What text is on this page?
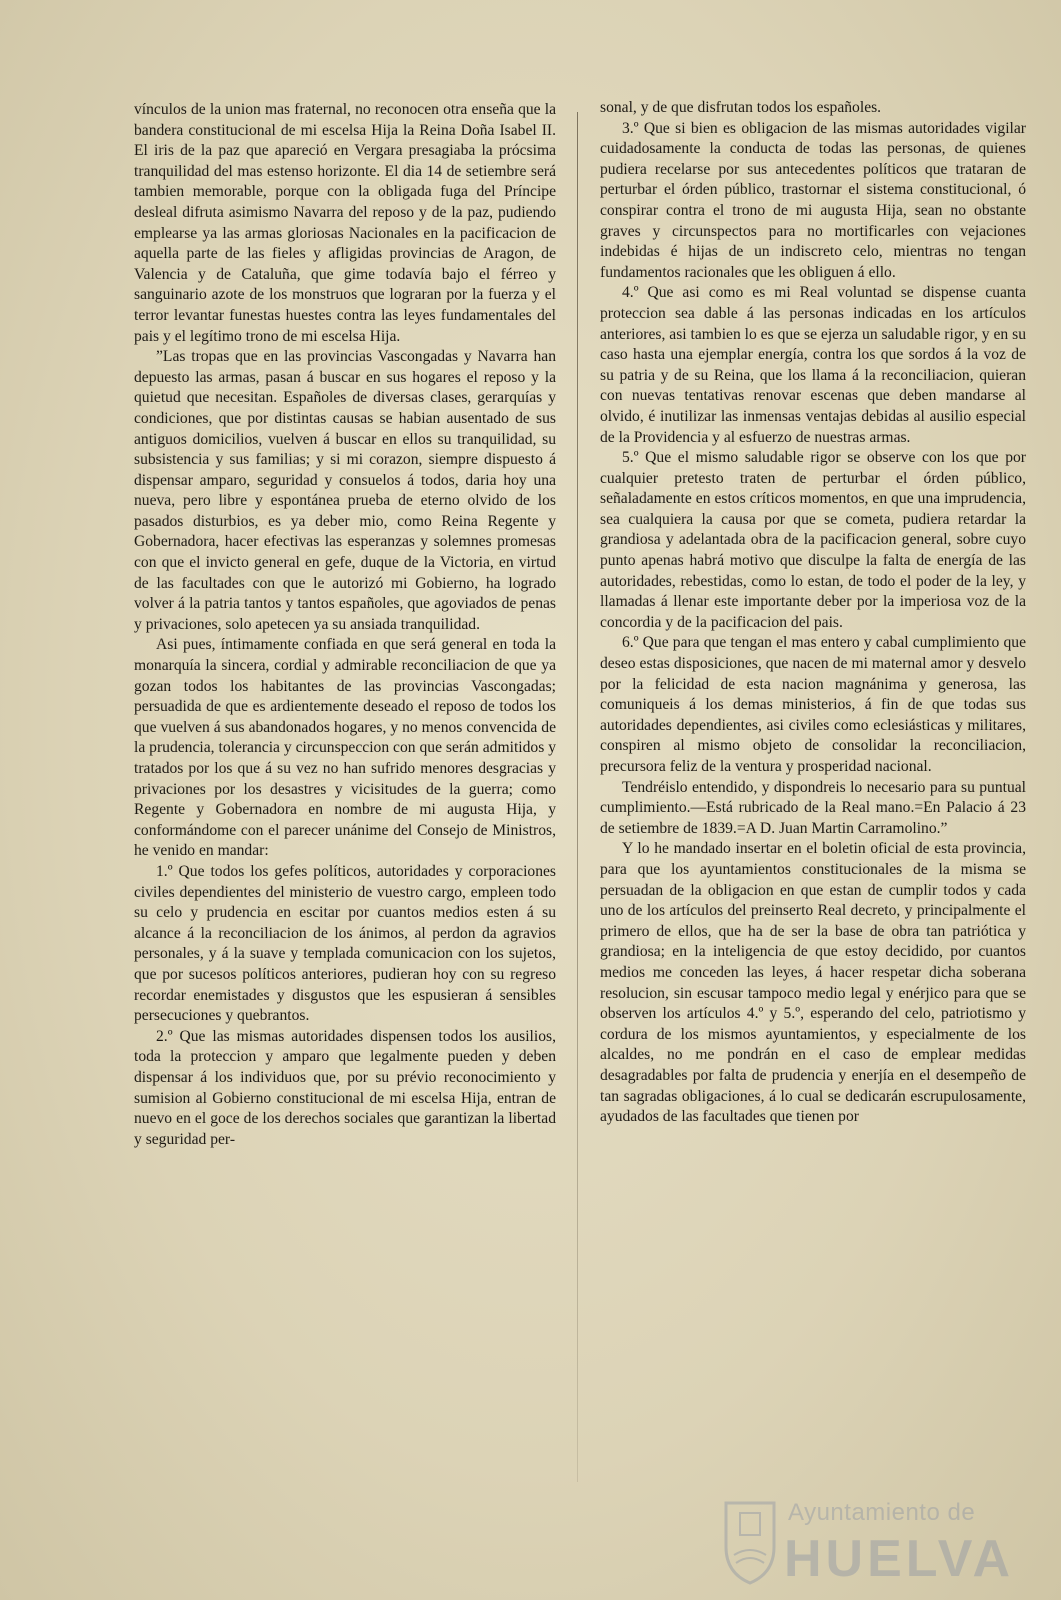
vínculos de la union mas fraternal, no reconocen otra enseña que la bandera constitucional de mi escelsa Hija la Reina Doña Isabel II. El iris de la paz que apareció en Vergara presagiaba la prócsima tranquilidad del mas estenso horizonte. El dia 14 de setiembre será tambien memorable, porque con la obligada fuga del Príncipe desleal difruta asimismo Navarra del reposo y de la paz, pudiendo emplearse ya las armas gloriosas Nacionales en la pacificacion de aquella parte de las fieles y afligidas provincias de Aragon, de Valencia y de Cataluña, que gime todavía bajo el férreo y sanguinario azote de los monstruos que lograran por la fuerza y el terror levantar funestas huestes contra las leyes fundamentales del pais y el legítimo trono de mi escelsa Hija.

”Las tropas que en las provincias Vascongadas y Navarra han depuesto las armas, pasan á buscar en sus hogares el reposo y la quietud que necesitan. Españoles de diversas clases, gerarquías y condiciones, que por distintas causas se habian ausentado de sus antiguos domicilios, vuelven á buscar en ellos su tranquilidad, su subsistencia y sus familias; y si mi corazon, siempre dispuesto á dispensar amparo, seguridad y consuelos á todos, daria hoy una nueva, pero libre y espontánea prueba de eterno olvido de los pasados disturbios, es ya deber mio, como Reina Regente y Gobernadora, hacer efectivas las esperanzas y solemnes promesas con que el invicto general en gefe, duque de la Victoria, en virtud de las facultades con que le autorizó mi Gobierno, ha logrado volver á la patria tantos y tantos españoles, que agoviados de penas y privaciones, solo apetecen ya su ansiada tranquilidad.

Asi pues, íntimamente confiada en que será general en toda la monarquía la sincera, cordial y admirable reconciliacion de que ya gozan todos los habitantes de las provincias Vascongadas; persuadida de que es ardientemente deseado el reposo de todos los que vuelven á sus abandonados hogares, y no menos convencida de la prudencia, tolerancia y circunspeccion con que serán admitidos y tratados por los que á su vez no han sufrido menores desgracias y privaciones por los desastres y vicisitudes de la guerra; como Regente y Gobernadora en nombre de mi augusta Hija, y conformándome con el parecer unánime del Consejo de Ministros, he venido en mandar:

1.º Que todos los gefes políticos, autoridades y corporaciones civiles dependientes del ministerio de vuestro cargo, empleen todo su celo y prudencia en escitar por cuantos medios esten á su alcance á la reconciliacion de los ánimos, al perdon da agravios personales, y á la suave y templada comunicacion con los sujetos, que por sucesos políticos anteriores, pudieran hoy con su regreso recordar enemistades y disgustos que les espusieran á sensibles persecuciones y quebrantos.

2.º Que las mismas autoridades dispensen todos los ausilios, toda la proteccion y amparo que legalmente pueden y deben dispensar á los individuos que, por su prévio reconocimiento y sumision al Gobierno constitucional de mi escelsa Hija, entran de nuevo en el goce de los derechos sociales que garantizan la libertad y seguridad per-

sonal, y de que disfrutan todos los españoles.

3.º Que si bien es obligacion de las mismas autoridades vigilar cuidadosamente la conducta de todas las personas, de quienes pudiera recelarse por sus antecedentes políticos que trataran de perturbar el órden público, trastornar el sistema constitucional, ó conspirar contra el trono de mi augusta Hija, sean no obstante graves y circunspectos para no mortificarles con vejaciones indebidas é hijas de un indiscreto celo, mientras no tengan fundamentos racionales que les obliguen á ello.

4.º Que asi como es mi Real voluntad se dispense cuanta proteccion sea dable á las personas indicadas en los artículos anteriores, asi tambien lo es que se ejerza un saludable rigor, y en su caso hasta una ejemplar energía, contra los que sordos á la voz de su patria y de su Reina, que los llama á la reconciliacion, quieran con nuevas tentativas renovar escenas que deben mandarse al olvido, é inutilizar las inmensas ventajas debidas al ausilio especial de la Providencia y al esfuerzo de nuestras armas.

5.º Que el mismo saludable rigor se observe con los que por cualquier pretesto traten de perturbar el órden público, señaladamente en estos críticos momentos, en que una imprudencia, sea cualquiera la causa por que se cometa, pudiera retardar la grandiosa y adelantada obra de la pacificacion general, sobre cuyo punto apenas habrá motivo que disculpe la falta de energía de las autoridades, rebestidas, como lo estan, de todo el poder de la ley, y llamadas á llenar este importante deber por la imperiosa voz de la concordia y de la pacificacion del pais.

6.º Que para que tengan el mas entero y cabal cumplimiento que deseo estas disposiciones, que nacen de mi maternal amor y desvelo por la felicidad de esta nacion magnánima y generosa, las comuniqueis á los demas ministerios, á fin de que todas sus autoridades dependientes, asi civiles como eclesiásticas y militares, conspiren al mismo objeto de consolidar la reconciliacion, precursora feliz de la ventura y prosperidad nacional.

Tendréislo entendido, y dispondreis lo necesario para su puntual cumplimiento.—Está rubricado de la Real mano.=En Palacio á 23 de setiembre de 1839.=A D. Juan Martin Carramolino.”

Y lo he mandado insertar en el boletin oficial de esta provincia, para que los ayuntamientos constitucionales de la misma se persuadan de la obligacion en que estan de cumplir todos y cada uno de los artículos del preinserto Real decreto, y principalmente el primero de ellos, que ha de ser la base de obra tan patriótica y grandiosa; en la inteligencia de que estoy decidido, por cuantos medios me conceden las leyes, á hacer respetar dicha soberana resolucion, sin escusar tampoco medio legal y enérjico para que se observen los artículos 4.º y 5.º, esperando del celo, patriotismo y cordura de los mismos ayuntamientos, y especialmente de los alcaldes, no me pondrán en el caso de emplear medidas desagradables por falta de prudencia y enerjía en el desempeño de tan sagradas obligaciones, á lo cual se dedicarán escrupulosamente, ayudados de las facultades que tienen por

Ayuntamiento de
HUELVA
